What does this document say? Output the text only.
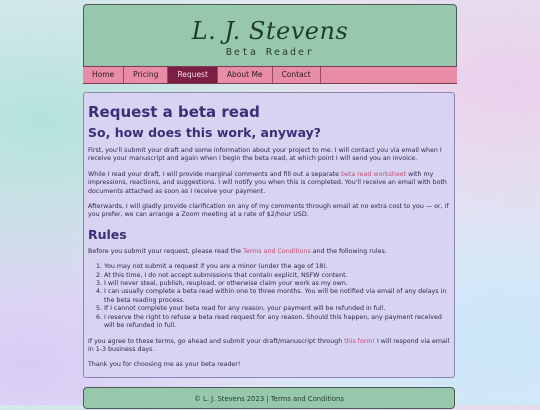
L. J. Stevens
Beta Reader
Home	Pricing	Request	About Me	Contact
Request a beta read
So, how does this work, anyway?

First, you'll submit your draft and some information about your project to me. I will contact you via email when I receive your manuscript and again when I begin the beta read, at which point I will send you an invoice.

While I read your draft, I will provide marginal comments and fill out a separate beta read worksheet with my impressions, reactions, and suggestions. I will notify you when this is completed. You'll receive an email with both documents attached as soon as I receive your payment.

Afterwards, I will gladly provide clarification on any of my comments through email at no extra cost to you — or, if you prefer, we can arrange a Zoom meeting at a rate of $2/hour USD.

Rules

Before you submit your request, please read the Terms and Conditions and the following rules.

1. You may not submit a request if you are a minor (under the age of 18).
2. At this time, I do not accept submissions that contain explicit, NSFW content.
3. I will never steal, publish, reupload, or otherwise claim your work as my own.
4. I can usually complete a beta read within one to three months. You will be notified via email of any delays in the beta reading process.
5. If I cannot complete your beta read for any reason, your payment will be refunded in full.
6. I reserve the right to refuse a beta read request for any reason. Should this happen, any payment received will be refunded in full.

If you agree to these terms, go ahead and submit your draft/manuscript through this form! I will respond via email in 1-3 business days.

Thank you for choosing me as your beta reader!

© L. J. Stevens 2023 | Terms and Conditions
